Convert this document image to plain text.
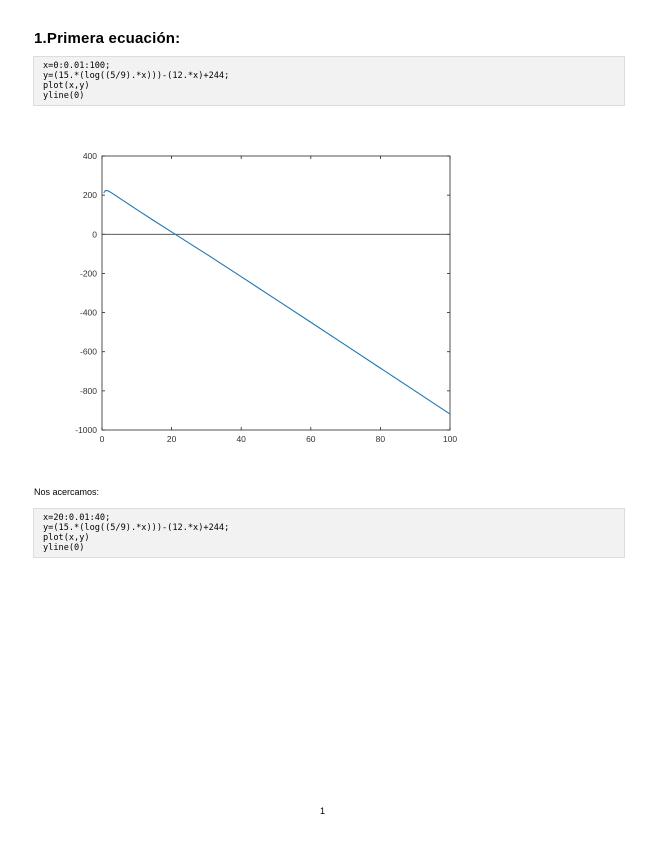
1.Primera ecuación:
x=0:0.01:100;
y=(15.*(log((5/9).*x)))-(12.*x)+244;
plot(x,y)
yline(0)
0	20	40	60	80	100
400
200
0
-200
-400
-600
-800
-1000
Nos acercamos:
x=20:0.01:40;
y=(15.*(log((5/9).*x)))-(12.*x)+244;
plot(x,y)
yline(0)
1
